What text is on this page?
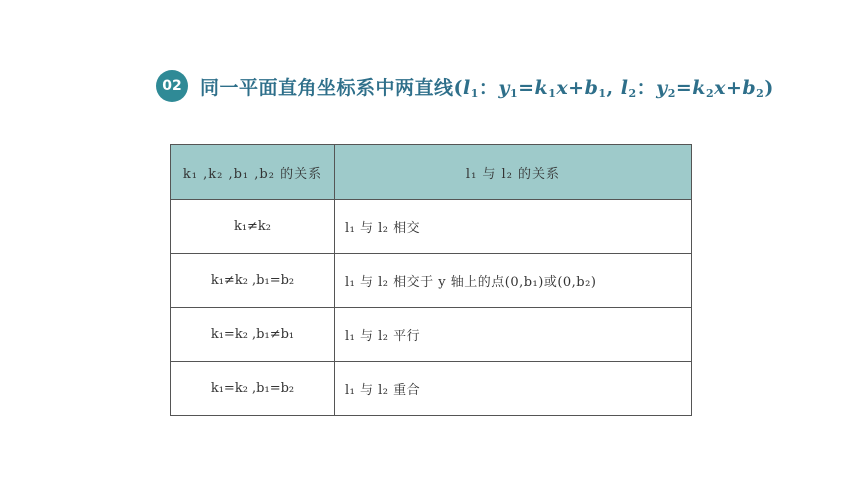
02 同一平面直角坐标系中两直线($l_1$：$y_1=k_1x+b_1$, $l_2$：$y_2=k_2x+b_2$)
k₁ ,k₂ ,b₁ ,b₂ 的关系	l₁ 与 l₂ 的关系
k₁≠k₂	l₁ 与 l₂ 相交
k₁≠k₂ ,b₁=b₂	l₁ 与 l₂ 相交于 y 轴上的点(0,b₁)或(0,b₂)
k₁=k₂ ,b₁≠b₁	l₁ 与 l₂ 平行
k₁=k₂ ,b₁=b₂	l₁ 与 l₂ 重合
